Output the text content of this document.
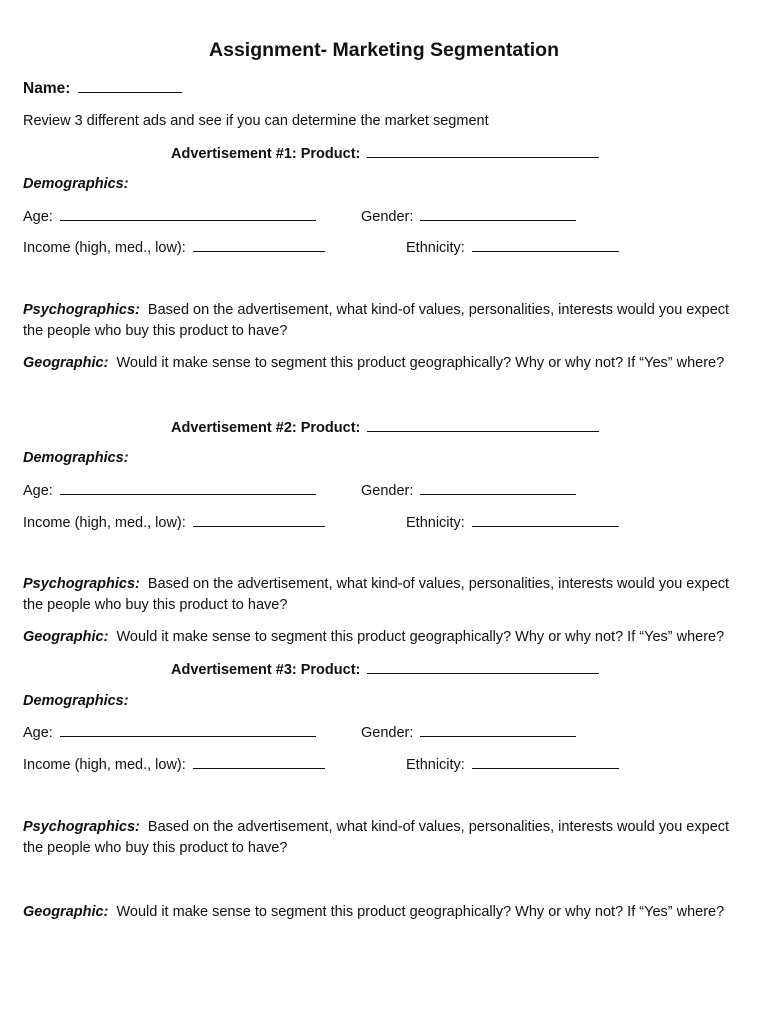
Assignment- Marketing Segmentation
Name:
Review 3 different ads and see if you can determine the market segment
Advertisement #1: Product:
Demographics:
Age:	Gender:
Income (high, med., low):	Ethnicity:
Psychographics: Based on the advertisement, what kind-of values, personalities, interests would you expect the people who buy this product to have?
Geographic: Would it make sense to segment this product geographically? Why or why not? If “Yes” where?
Advertisement #2: Product:
Demographics:
Age:	Gender:
Income (high, med., low):	Ethnicity:
Psychographics: Based on the advertisement, what kind-of values, personalities, interests would you expect the people who buy this product to have?
Geographic: Would it make sense to segment this product geographically? Why or why not? If “Yes” where?
Advertisement #3: Product:
Demographics:
Age:	Gender:
Income (high, med., low):	Ethnicity:
Psychographics: Based on the advertisement, what kind-of values, personalities, interests would you expect the people who buy this product to have?
Geographic: Would it make sense to segment this product geographically? Why or why not? If “Yes” where?
